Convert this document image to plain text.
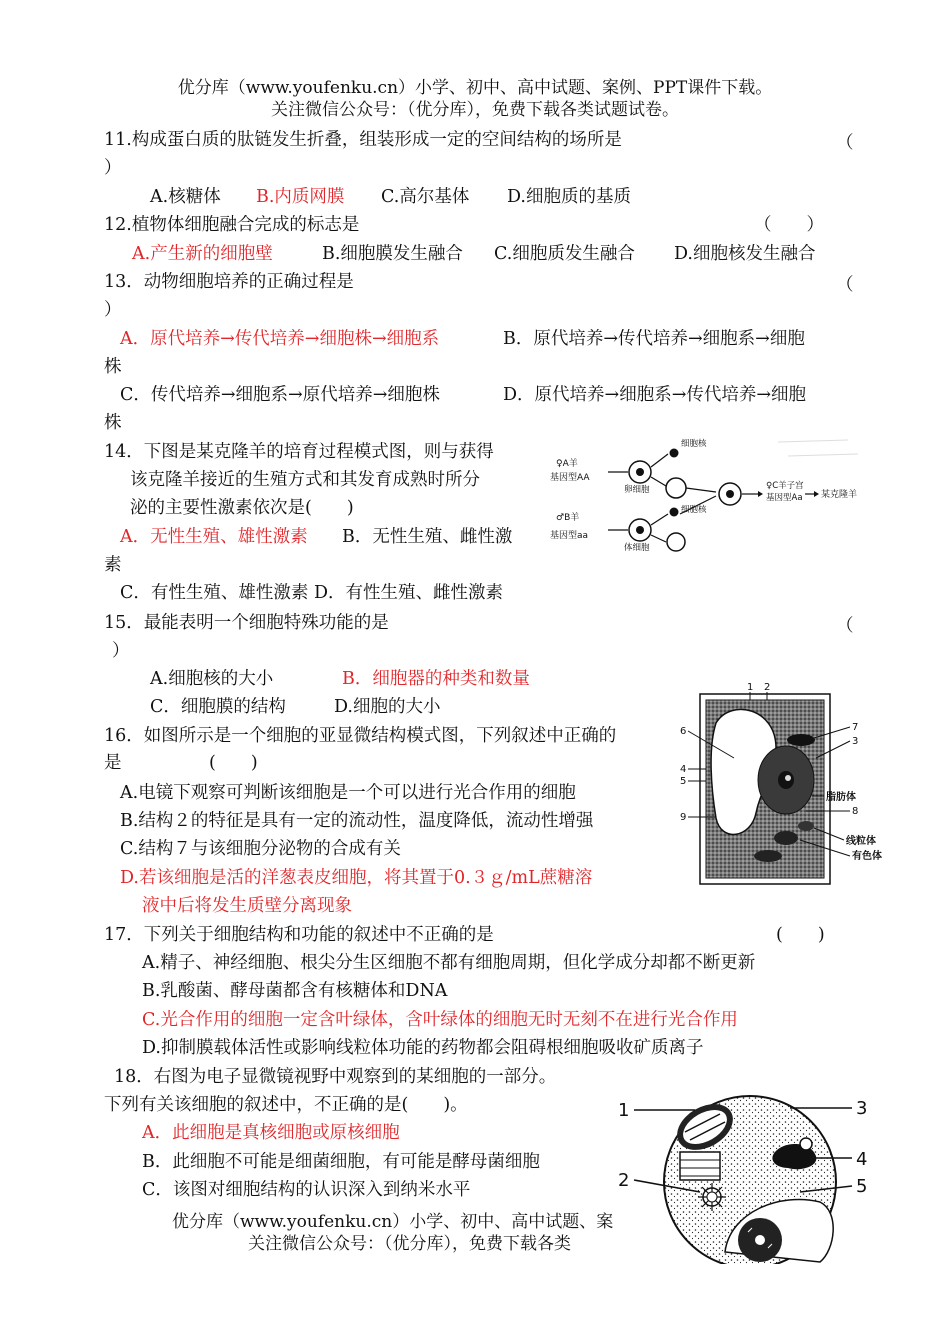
优分库（www.youfenku.cn）小学、初中、高中试题、案例、PPT课件下载。
关注微信公众号：（优分库），免费下载各类试题试卷。
11.构成蛋白质的肽链发生折叠，组装形成一定的空间结构的场所是	（
）
A.核糖体 B.内质网膜 C.高尔基体 D.细胞质的基质
12.植物体细胞融合完成的标志是	（　　）
A.产生新的细胞壁	B.细胞膜发生融合 C.细胞质发生融合 D.细胞核发生融合
13．动物细胞培养的正确过程是	（
）
A．原代培养→传代培养→细胞株→细胞系	B．原代培养→传代培养→细胞系→细胞
株
C．传代培养→细胞系→原代培养→细胞株	D．原代培养→细胞系→传代培养→细胞
株
14．下图是某克隆羊的培育过程模式图，则与获得
该克隆羊接近的生殖方式和其发育成熟时所分
泌的主要性激素依次是(　　)
A．无性生殖、雄性激素 B．无性生殖、雌性激
素
C．有性生殖、雄性激素 D．有性生殖、雌性激素
♀A羊
基因型AA
卵细胞
细胞核
♂B羊
基因型aa
体细胞
细胞核
♀C羊子宫
基因型Aa 某克隆羊
15．最能表明一个细胞特殊功能的是	（
）
A.细胞核的大小	B．细胞器的种类和数量
C．细胞膜的结构	D.细胞的大小
16．如图所示是一个细胞的亚显微结构模式图，下列叙述中正确的
是　　　　　(　　)
A.电镜下观察可判断该细胞是一个可以进行光合作用的细胞
B.结构２的特征是具有一定的流动性，温度降低，流动性增强
C.结构７与该细胞分泌物的合成有关
D.若该细胞是活的洋葱表皮细胞，将其置于0.３ｇ/mL蔗糖溶
液中后将发生质壁分离现象
1 2
6
4
5
9
7
3
脂肪体
8
线粒体
有色体
17．下列关于细胞结构和功能的叙述中不正确的是	(　　)
A.精子、神经细胞、根尖分生区细胞不都有细胞周期，但化学成分却都不断更新
B.乳酸菌、酵母菌都含有核糖体和DNA
C.光合作用的细胞一定含叶绿体，含叶绿体的细胞无时无刻不在进行光合作用
D.抑制膜载体活性或影响线粒体功能的药物都会阻碍根细胞吸收矿质离子
18．右图为电子显微镜视野中观察到的某细胞的一部分。
下列有关该细胞的叙述中，不正确的是(　　)。
A．此细胞是真核细胞或原核细胞
B．此细胞不可能是细菌细胞，有可能是酵母菌细胞
C．该图对细胞结构的认识深入到纳米水平
1
2
3
4
5
优分库（www.youfenku.cn）小学、初中、高中试题、案
关注微信公众号：（优分库），免费下载各类
